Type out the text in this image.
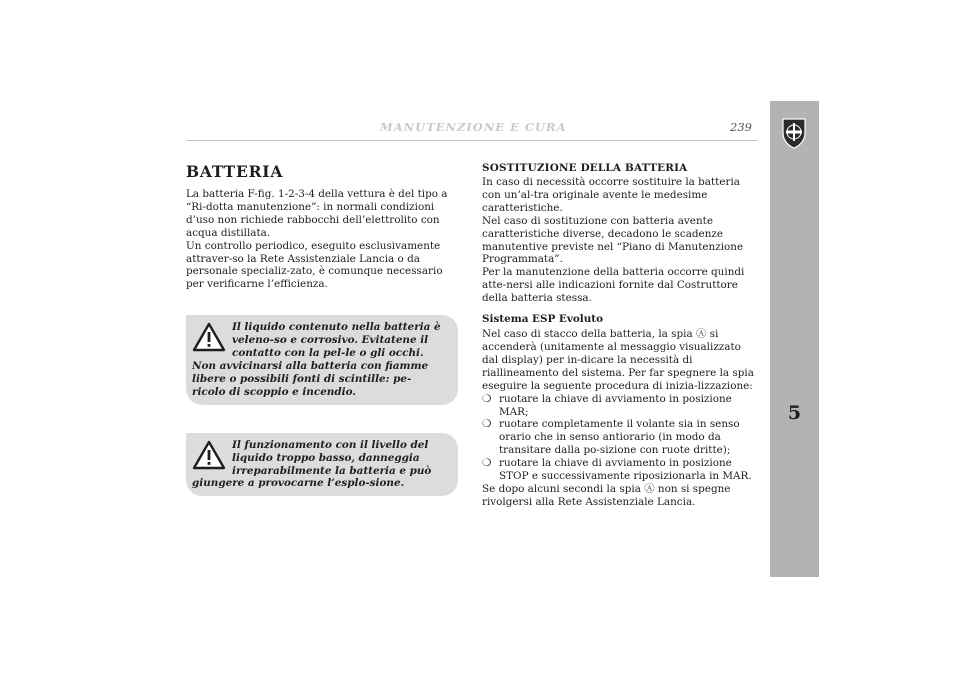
MANUTENZIONE E CURA	239
5
BATTERIA

La batteria F-fig. 1-2-3-4 della vettura è del tipo a “Ri-dotta manutenzione”: in normali condizioni d’uso non richiede rabbocchi dell’elettrolito con acqua distillata.

Un controllo periodico, eseguito esclusivamente attraver-so la Rete Assistenziale Lancia o da personale specializ-zato, è comunque necessario per verificarne l’efficienza.

Il liquido contenuto nella batteria è veleno-so e corrosivo. Evitatene il contatto con la pel-le o gli occhi. Non avvicinarsi alla batteria con fiamme libere o possibili fonti di scintille: pe-ricolo di scoppio e incendio.
Il funzionamento con il livello del liquido troppo basso, danneggia irreparabilmente la batteria e può giungere a provocarne l’esplo-sione.
SOSTITUZIONE DELLA BATTERIA

In caso di necessità occorre sostituire la batteria con un’al-tra originale avente le medesime caratteristiche.

Nel caso di sostituzione con batteria avente caratteristiche diverse, decadono le scadenze manutentive previste nel “Piano di Manutenzione Programmata”.

Per la manutenzione della batteria occorre quindi atte-nersi alle indicazioni fornite dal Costruttore della batteria stessa.

Sistema ESP Evoluto

Nel caso di stacco della batteria, la spia Ⓐ si accenderà (unitamente al messaggio visualizzato dal display) per in-dicare la necessità di riallineamento del sistema. Per far spegnere la spia eseguire la seguente procedura di inizia-lizzazione:

❍ ruotare la chiave di avviamento in posizione MAR;
❍ ruotare completamente il volante sia in senso orario che in senso antiorario (in modo da transitare dalla po-sizione con ruote dritte);
❍ ruotare la chiave di avviamento in posizione STOP e successivamente riposizionarla in MAR.

Se dopo alcuni secondi la spia Ⓐ non si spegne rivolgersi alla Rete Assistenziale Lancia.
